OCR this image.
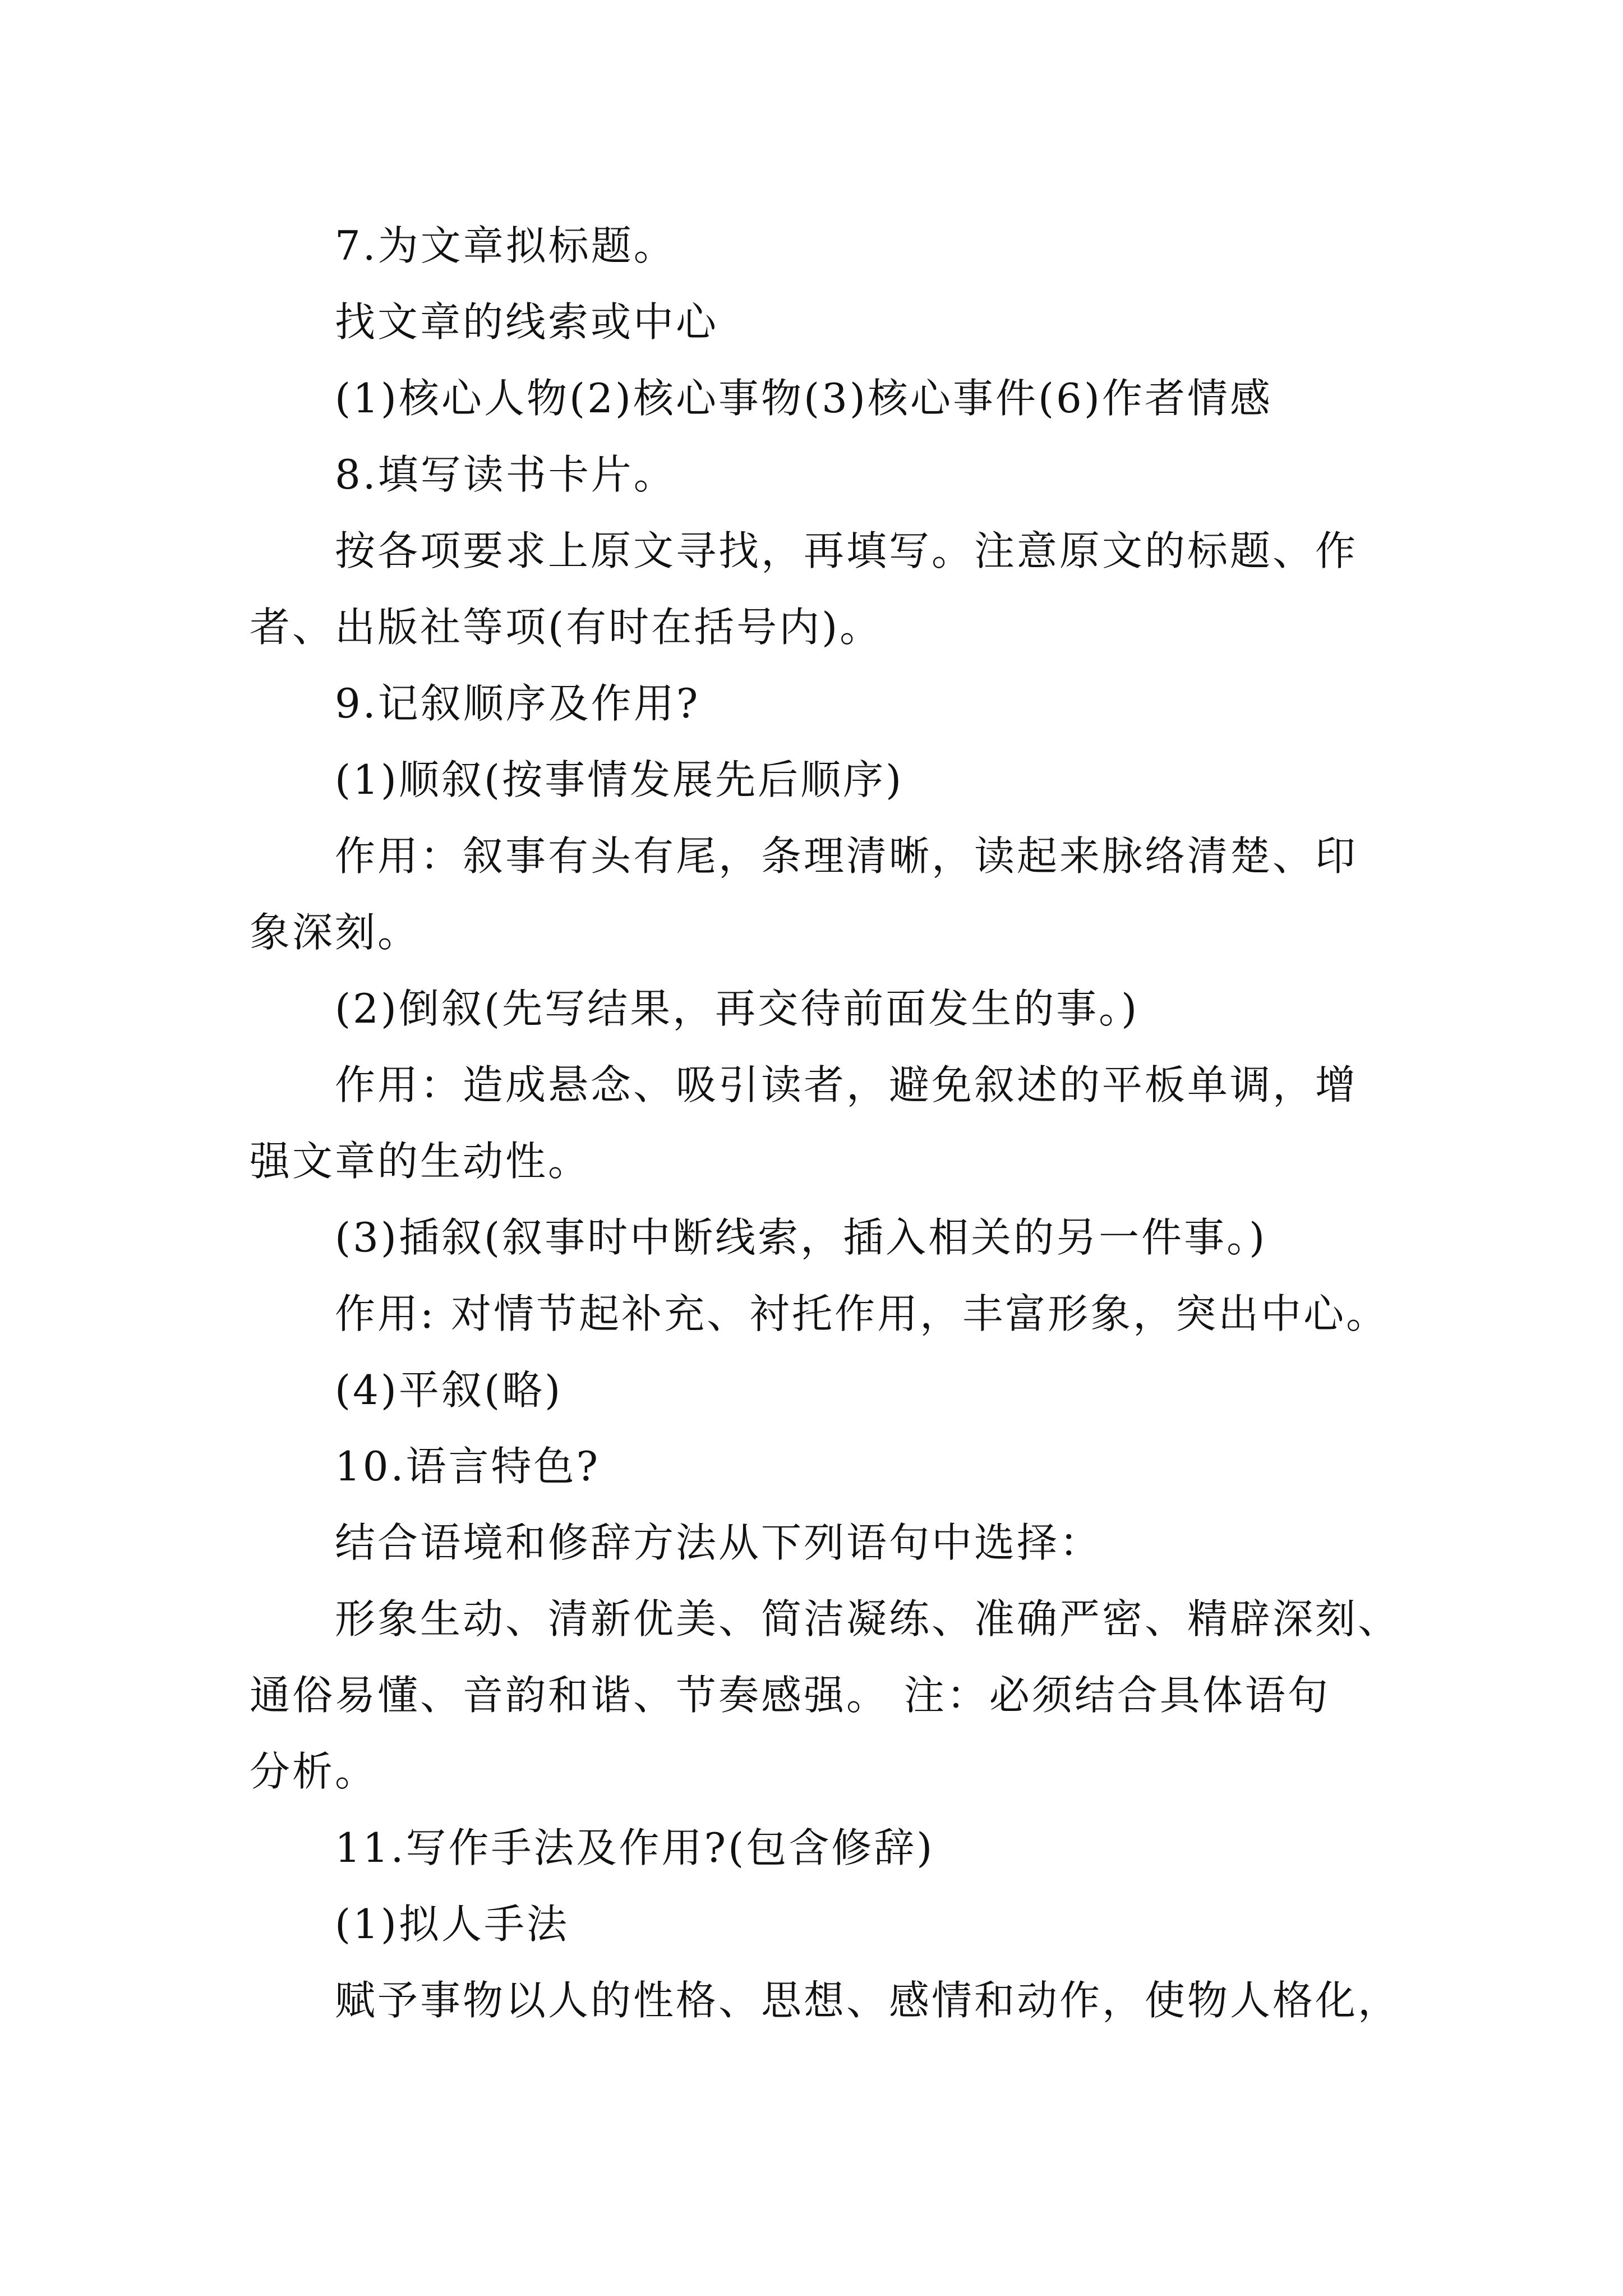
7.为文章拟标题。
找文章的线索或中心
(1)核心人物(2)核心事物(3)核心事件(6)作者情感
8.填写读书卡片。
按各项要求上原文寻找，再填写。注意原文的标题、作
者、出版社等项(有时在括号内)。
9.记叙顺序及作用?
(1)顺叙(按事情发展先后顺序)
作用：叙事有头有尾，条理清晰，读起来脉络清楚、印
象深刻。
(2)倒叙(先写结果，再交待前面发生的事。)
作用：造成悬念、吸引读者，避免叙述的平板单调，增
强文章的生动性。
(3)插叙(叙事时中断线索，插入相关的另一件事。)
作用: 对情节起补充、衬托作用，丰富形象，突出中心。
(4)平叙(略)
10.语言特色?
结合语境和修辞方法从下列语句中选择：
形象生动、清新优美、简洁凝练、准确严密、精辟深刻、
通俗易懂、音韵和谐、节奏感强。 注：必须结合具体语句
分析。
11.写作手法及作用?(包含修辞)
(1)拟人手法
赋予事物以人的性格、思想、感情和动作，使物人格化，
